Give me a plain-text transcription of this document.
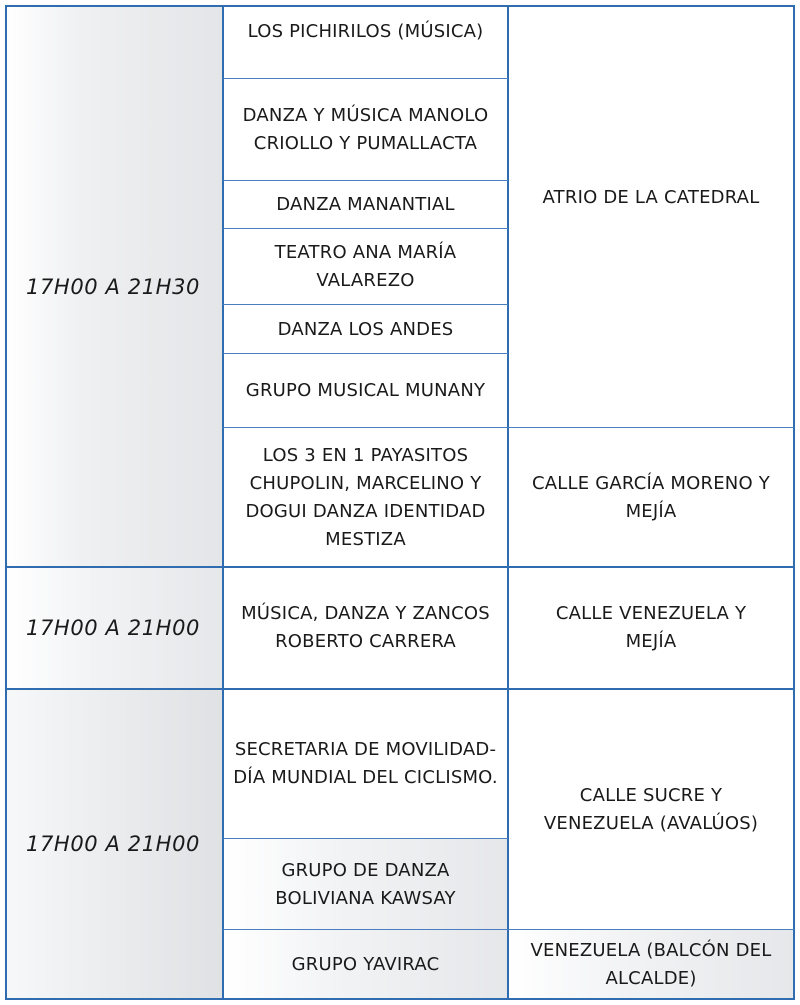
17H00 A 21H30
LOS PICHIRILOS (MÚSICA)
DANZA Y MÚSICA MANOLO CRIOLLO Y PUMALLACTA
DANZA MANANTIAL
TEATRO ANA MARÍA VALAREZO
DANZA LOS ANDES
GRUPO MUSICAL MUNANY
LOS 3 EN 1 PAYASITOS CHUPOLIN, MARCELINO Y DOGUI DANZA IDENTIDAD MESTIZA
ATRIO DE LA CATEDRAL
CALLE GARCÍA MORENO Y MEJÍA
17H00 A 21H00
MÚSICA, DANZA Y ZANCOS ROBERTO CARRERA
CALLE VENEZUELA Y MEJÍA
17H00 A 21H00
SECRETARIA DE MOVILIDAD- DÍA MUNDIAL DEL CICLISMO.
GRUPO DE DANZA BOLIVIANA KAWSAY
GRUPO YAVIRAC
CALLE SUCRE Y VENEZUELA (AVALÚOS)
VENEZUELA (BALCÓN DEL ALCALDE)
